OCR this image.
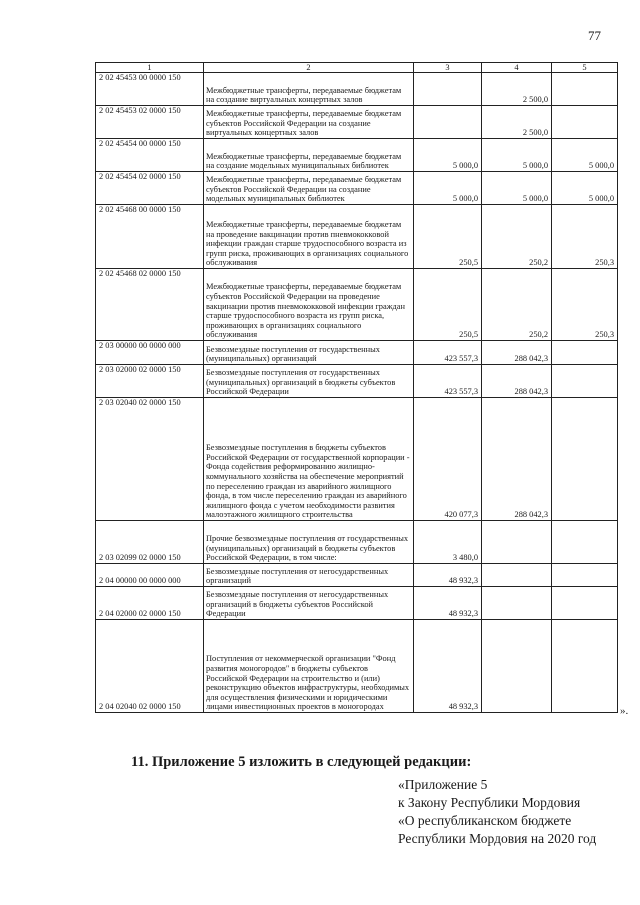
77
1	2	3	4	5
2 02 45453 00 0000 150	Межбюджетные трансферты, передаваемые бюджетам на создание виртуальных концертных залов		2 500,0	
2 02 45453 02 0000 150	Межбюджетные трансферты, передаваемые бюджетам субъектов Российской Федерации на создание виртуальных концертных залов		2 500,0	
2 02 45454 00 0000 150	Межбюджетные трансферты, передаваемые бюджетам на создание модельных муниципальных библиотек	5 000,0	5 000,0	5 000,0
2 02 45454 02 0000 150	Межбюджетные трансферты, передаваемые бюджетам субъектов Российской Федерации на создание модельных муниципальных библиотек	5 000,0	5 000,0	5 000,0
2 02 45468 00 0000 150	Межбюджетные трансферты, передаваемые бюджетам на проведение вакцинации против пневмококковой инфекции граждан старше трудоспособного возраста из групп риска, проживающих в организациях социального обслуживания	250,5	250,2	250,3
2 02 45468 02 0000 150	Межбюджетные трансферты, передаваемые бюджетам субъектов Российской Федерации на проведение вакцинации против пневмококковой инфекции граждан старше трудоспособного возраста из групп риска, проживающих в организациях социального обслуживания	250,5	250,2	250,3
2 03 00000 00 0000 000	Безвозмездные поступления от государственных (муниципальных) организаций	423 557,3	288 042,3	
2 03 02000 02 0000 150	Безвозмездные поступления от государственных (муниципальных) организаций в бюджеты субъектов Российской Федерации	423 557,3	288 042,3	
2 03 02040 02 0000 150	Безвозмездные поступления в бюджеты субъектов Российской Федерации от государственной корпорации - Фонда содействия реформированию жилищно-коммунального хозяйства на обеспечение мероприятий по переселению граждан из аварийного жилищного фонда, в том числе переселению граждан из аварийного жилищного фонда с учетом необходимости развития малоэтажного жилищного строительства	420 077,3	288 042,3	
2 03 02099 02 0000 150	Прочие безвозмездные поступления от государственных (муниципальных) организаций в бюджеты субъектов Российской Федерации, в том числе:	3 480,0		
2 04 00000 00 0000 000	Безвозмездные поступления от негосударственных организаций	48 932,3		
2 04 02000 02 0000 150	Безвозмездные поступления от негосударственных организаций в бюджеты субъектов Российской Федерации	48 932,3		
2 04 02040 02 0000 150	Поступления от некоммерческой организации "Фонд развития моногородов" в бюджеты субъектов Российской Федерации на строительство и (или) реконструкцию объектов инфраструктуры, необходимых для осуществления физическими и юридическими лицами инвестиционных проектов в моногородах	48 932,3			».
11. Приложение 5 изложить в следующей редакции:
«Приложение 5
к Закону Республики Мордовия
«О республиканском бюджете
Республики Мордовия на 2020 год
